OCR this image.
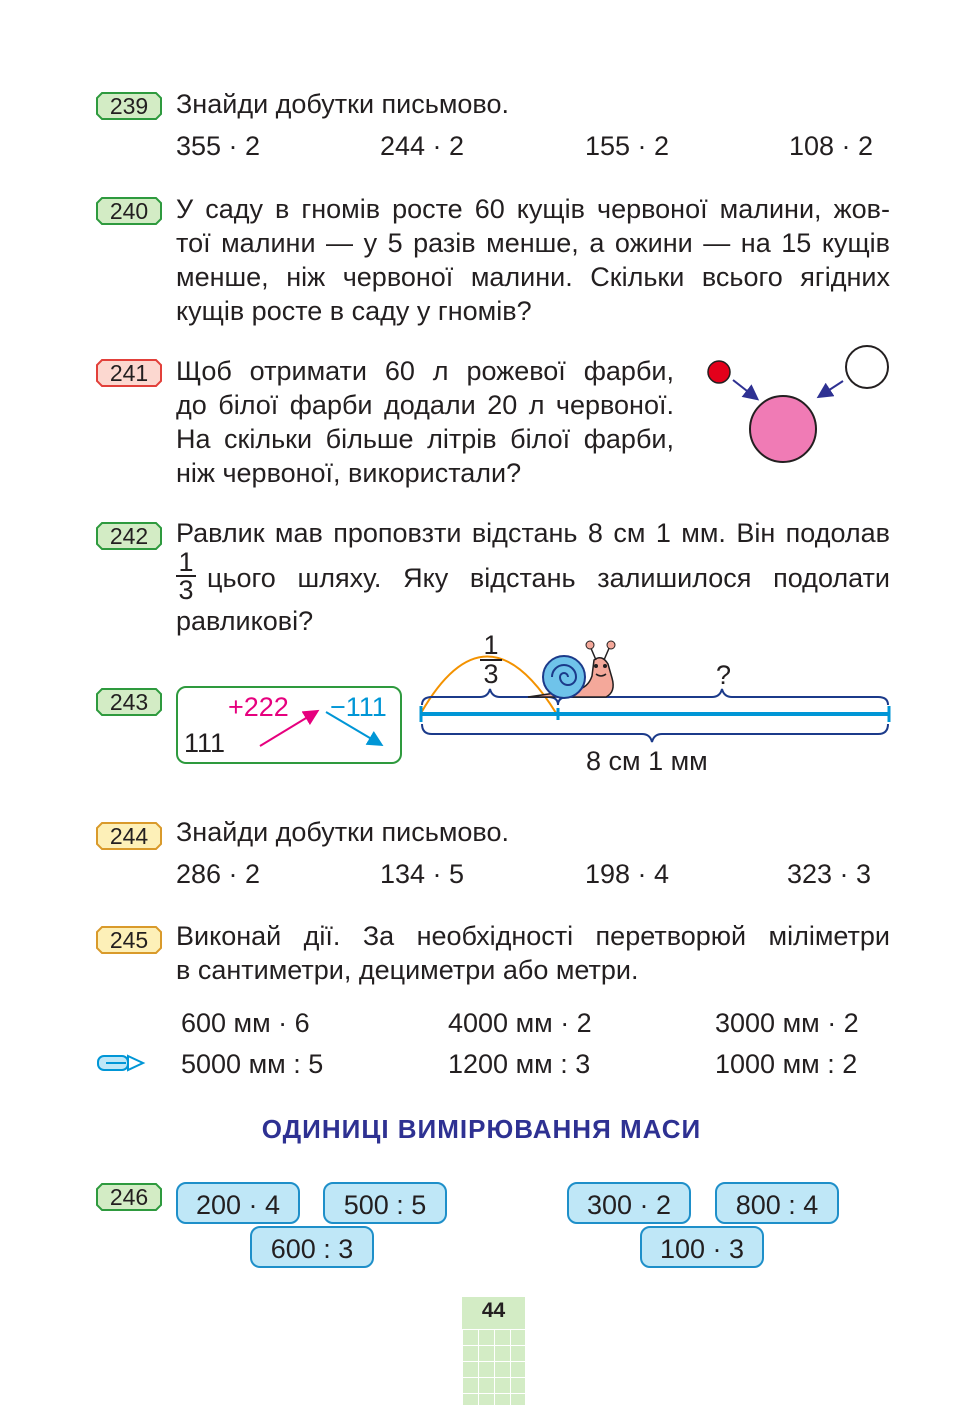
239	Знайди добутки письмово.
355 · 2	244 · 2	155 · 2	108 · 2
240	У саду в гномів росте 60 кущів червоної малини, жов-
тої малини — у 5 разів менше, а ожини — на 15 кущів
менше, ніж червоної малини. Скільки всього ягідних
кущів росте в саду у гномів?
241	Щоб отримати 60 л рожевої фарби,
до білої фарби додали 20 л червоної.
На скільки більше літрів білої фарби,
ніж червоної, використали?
242	Равлик мав проповзти відстань 8 см 1 мм. Він подолав
1
3 цього шляху. Яку відстань залишилося подолати
равликові?
243
111
+222 −111
1
3	?
8 см 1 мм
244	Знайди добутки письмово.
286 · 2	134 · 5	198 · 4	323 · 3
245	Виконай дії. За необхідності перетворюй міліметри
в сантиметри, дециметри або метри.
600 мм · 6	4000 мм · 2	3000 мм · 2
5000 мм : 5	1200 мм : 3	1000 мм : 2
ОДИНИЦІ ВИМІРЮВАННЯ МАСИ
246	200 · 4	500 : 5
600 : 3
300 · 2	800 : 4
100 · 3
44
